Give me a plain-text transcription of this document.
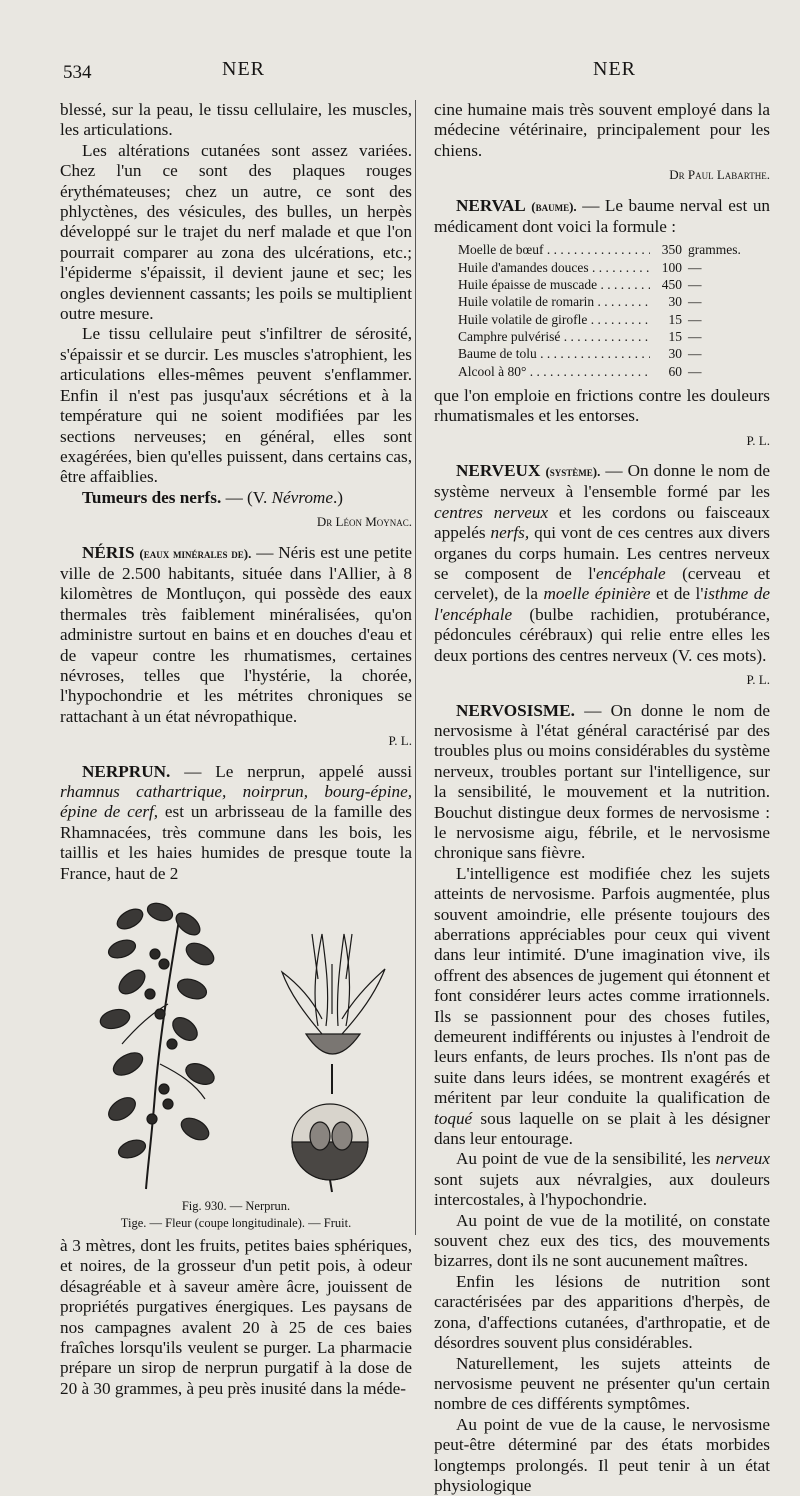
534	NER	NER

blessé, sur la peau, le tissu cellulaire, les muscles, les articulations.

Les altérations cutanées sont assez variées. Chez l'un ce sont des plaques rouges érythémateuses; chez un autre, ce sont des phlyctènes, des vésicules, des bulles, un herpès développé sur le trajet du nerf malade et que l'on pourrait comparer au zona des ulcérations, etc.; l'épiderme s'épaissit, il devient jaune et sec; les ongles deviennent cassants; les poils se multiplient outre mesure.

Le tissu cellulaire peut s'infiltrer de sérosité, s'épaissir et se durcir. Les muscles s'atrophient, les articulations elles-mêmes peuvent s'enflammer. Enfin il n'est pas jusqu'aux sécrétions et à la température qui ne soient modifiées par les sections nerveuses; en général, elles sont exagérées, bien qu'elles puissent, dans certains cas, être affaiblies.

Tumeurs des nerfs. — (V. Névrome.)

Dr Léon Moynac.

NÉRIS (eaux minérales de). — Néris est une petite ville de 2.500 habitants, située dans l'Allier, à 8 kilomètres de Montluçon, qui possède des eaux thermales très faiblement minéralisées, qu'on administre surtout en bains et en douches d'eau et de vapeur contre les rhumatismes, certaines névroses, telles que l'hystérie, la chorée, l'hypochondrie et les métrites chroniques se rattachant à un état névropathique.

P. L.

NERPRUN. — Le nerprun, appelé aussi rhamnus cathartrique, noirprun, bourg-épine, épine de cerf, est un arbrisseau de la famille des Rhamnacées, très commune dans les bois, les taillis et les haies humides de presque toute la France, haut de 2

Fig. 930. — Nerprun.
Tige. — Fleur (coupe longitudinale). — Fruit.

à 3 mètres, dont les fruits, petites baies sphériques, et noires, de la grosseur d'un petit pois, à odeur désagréable et à saveur amère âcre, jouissent de propriétés purgatives énergiques. Les paysans de nos campagnes avalent 20 à 25 de ces baies fraîches lorsqu'ils veulent se purger. La pharmacie prépare un sirop de nerprun purgatif à la dose de 20 à 30 grammes, à peu près inusité dans la méde-

cine humaine mais très souvent employé dans la médecine vétérinaire, principalement pour les chiens.

Dr Paul Labarthe.

NERVAL (baume). — Le baume nerval est un médicament dont voici la formule :

Moelle de bœuf . . .	350 grammes.
Huile d'amandes douces . . .	100 —
Huile épaisse de muscade . . .	450 —
Huile volatile de romarin . . .	30 —
Huile volatile de girofle . . .	15 —
Camphre pulvérisé . . .	15 —
Baume de tolu . . .	30 —
Alcool à 80° . . .	60 —

que l'on emploie en frictions contre les douleurs rhumatismales et les entorses.

P. L.

NERVEUX (système). — On donne le nom de système nerveux à l'ensemble formé par les centres nerveux et les cordons ou faisceaux appelés nerfs, qui vont de ces centres aux divers organes du corps humain. Les centres nerveux se composent de l'encéphale (cerveau et cervelet), de la moelle épinière et de l'isthme de l'encéphale (bulbe rachidien, protubérance, pédoncules cérébraux) qui relie entre elles les deux portions des centres nerveux (V. ces mots).

P. L.

NERVOSISME. — On donne le nom de nervosisme à l'état général caractérisé par des troubles plus ou moins considérables du système nerveux, troubles portant sur l'intelligence, sur la sensibilité, le mouvement et la nutrition. Bouchut distingue deux formes de nervosisme : le nervosisme aigu, fébrile, et le nervosisme chronique sans fièvre.

L'intelligence est modifiée chez les sujets atteints de nervosisme. Parfois augmentée, plus souvent amoindrie, elle présente toujours des aberrations appréciables pour ceux qui vivent dans leur intimité. D'une imagination vive, ils offrent des absences de jugement qui étonnent et font considérer leurs actes comme irrationnels. Ils se passionnent pour des choses futiles, demeurent indifférents ou injustes à l'endroit de leurs enfants, de leurs proches. Ils n'ont pas de suite dans leurs idées, se montrent exagérés et méritent par leur conduite la qualification de toqué sous laquelle on se plait à les désigner dans leur entourage.

Au point de vue de la sensibilité, les nerveux sont sujets aux névralgies, aux douleurs intercostales, à l'hypochondrie.

Au point de vue de la motilité, on constate souvent chez eux des tics, des mouvements bizarres, dont ils ne sont aucunement maîtres.

Enfin les lésions de nutrition sont caractérisées par des apparitions d'herpès, de zona, d'affections cutanées, d'arthropatie, et de désordres souvent plus considérables.

Naturellement, les sujets atteints de nervosisme peuvent ne présenter qu'un certain nombre de ces différents symptômes.

Au point de vue de la cause, le nervosisme peut-être déterminé par des états morbides longtemps prolongés. Il peut tenir à un état physiologique
